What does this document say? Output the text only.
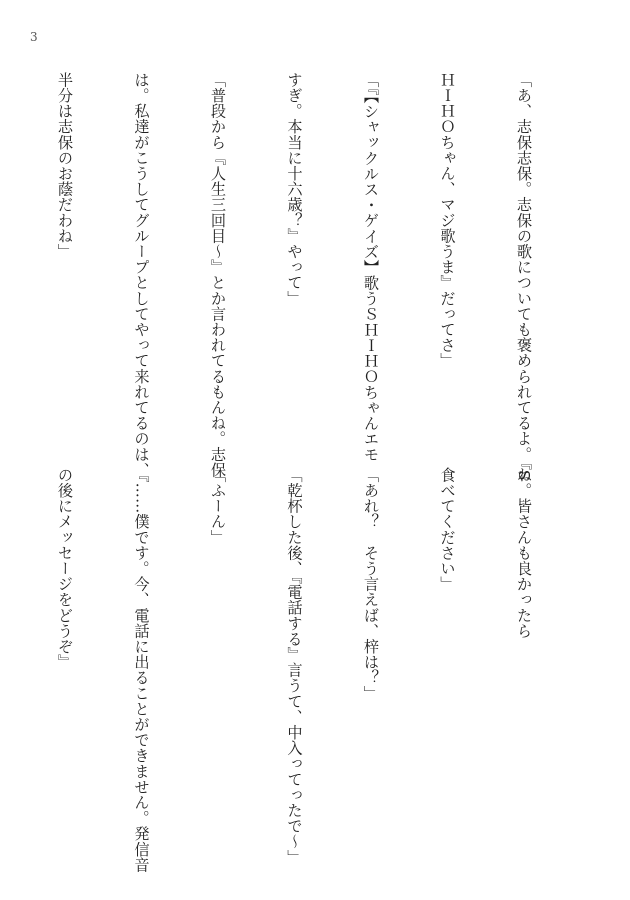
3

「あ、志保志保。志保の歌についても褒められてるよ。『S

ＨＩＨＯちゃん、マジ歌うま』だってさ」

「『【シャックルス・ゲイズ】歌うＳＨＩＨＯちゃんエモ

すぎ。本当に十六歳？』やって」

「普段から『人生三回目～』とか言われてるもんね。志保

は。私達がこうしてグループとしてやって来れてるのは、

半分は志保のお蔭だわね」

ね。皆さんも良かったら

食べてください」

「あれ？　そう言えば、梓は？」

「乾杯した後、『電話する』言うて、中入ってったで～」

「ふーん」

『……僕です。今、電話に出ることができません。発信音

の後にメッセージをどうぞ』
